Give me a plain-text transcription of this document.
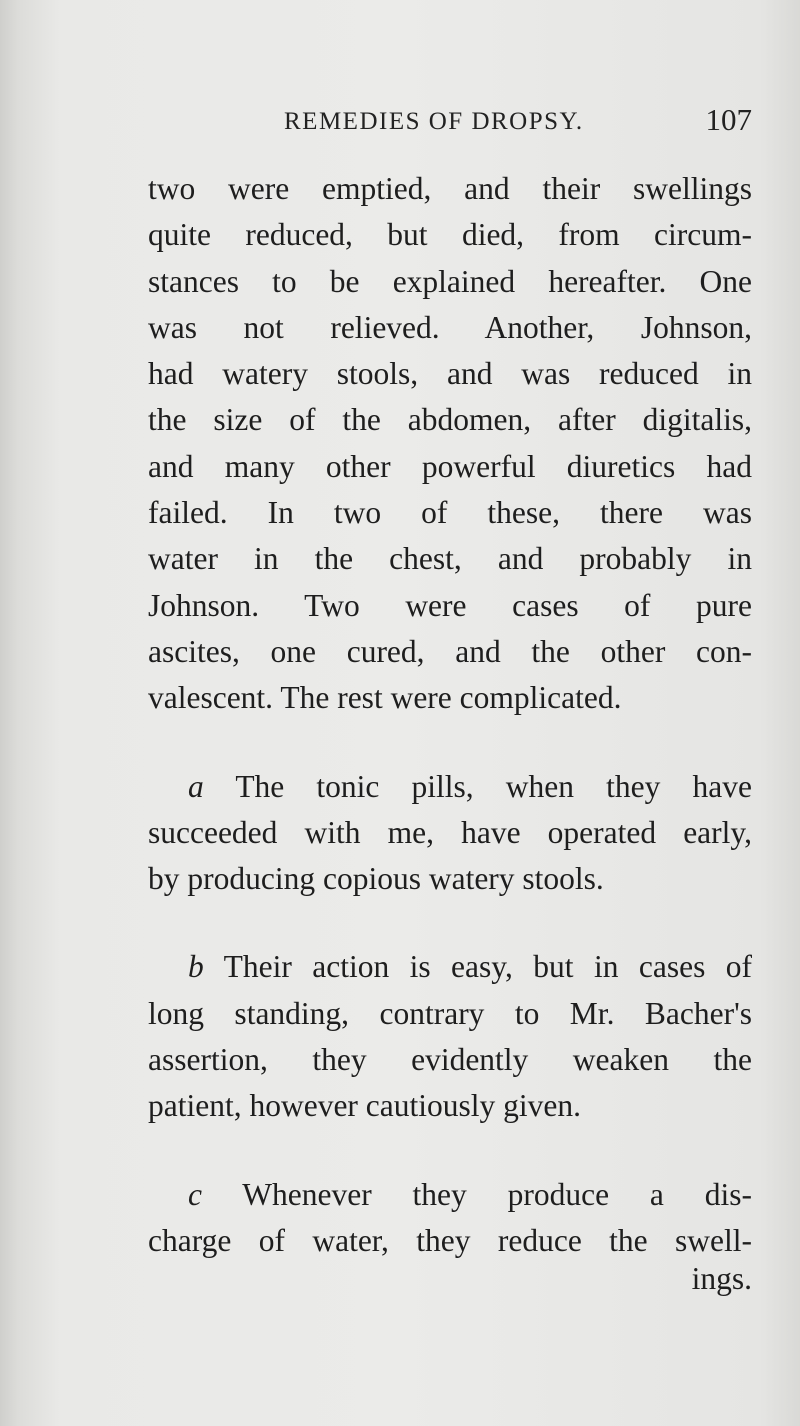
REMEDIES OF DROPSY.	107
two were emptied, and their swellings
quite reduced, but died, from circum-
stances to be explained hereafter. One
was not relieved. Another, Johnson,
had watery stools, and was reduced in
the size of the abdomen, after digitalis,
and many other powerful diuretics had
failed. In two of these, there was
water in the chest, and probably in
Johnson. Two were cases of pure
ascites, one cured, and the other con-
valescent. The rest were complicated.
a The tonic pills, when they have
succeeded with me, have operated early,
by producing copious watery stools.
b Their action is easy, but in cases of
long standing, contrary to Mr. Bacher's
assertion, they evidently weaken the
patient, however cautiously given.
c Whenever they produce a dis-
charge of water, they reduce the swell-
ings.
